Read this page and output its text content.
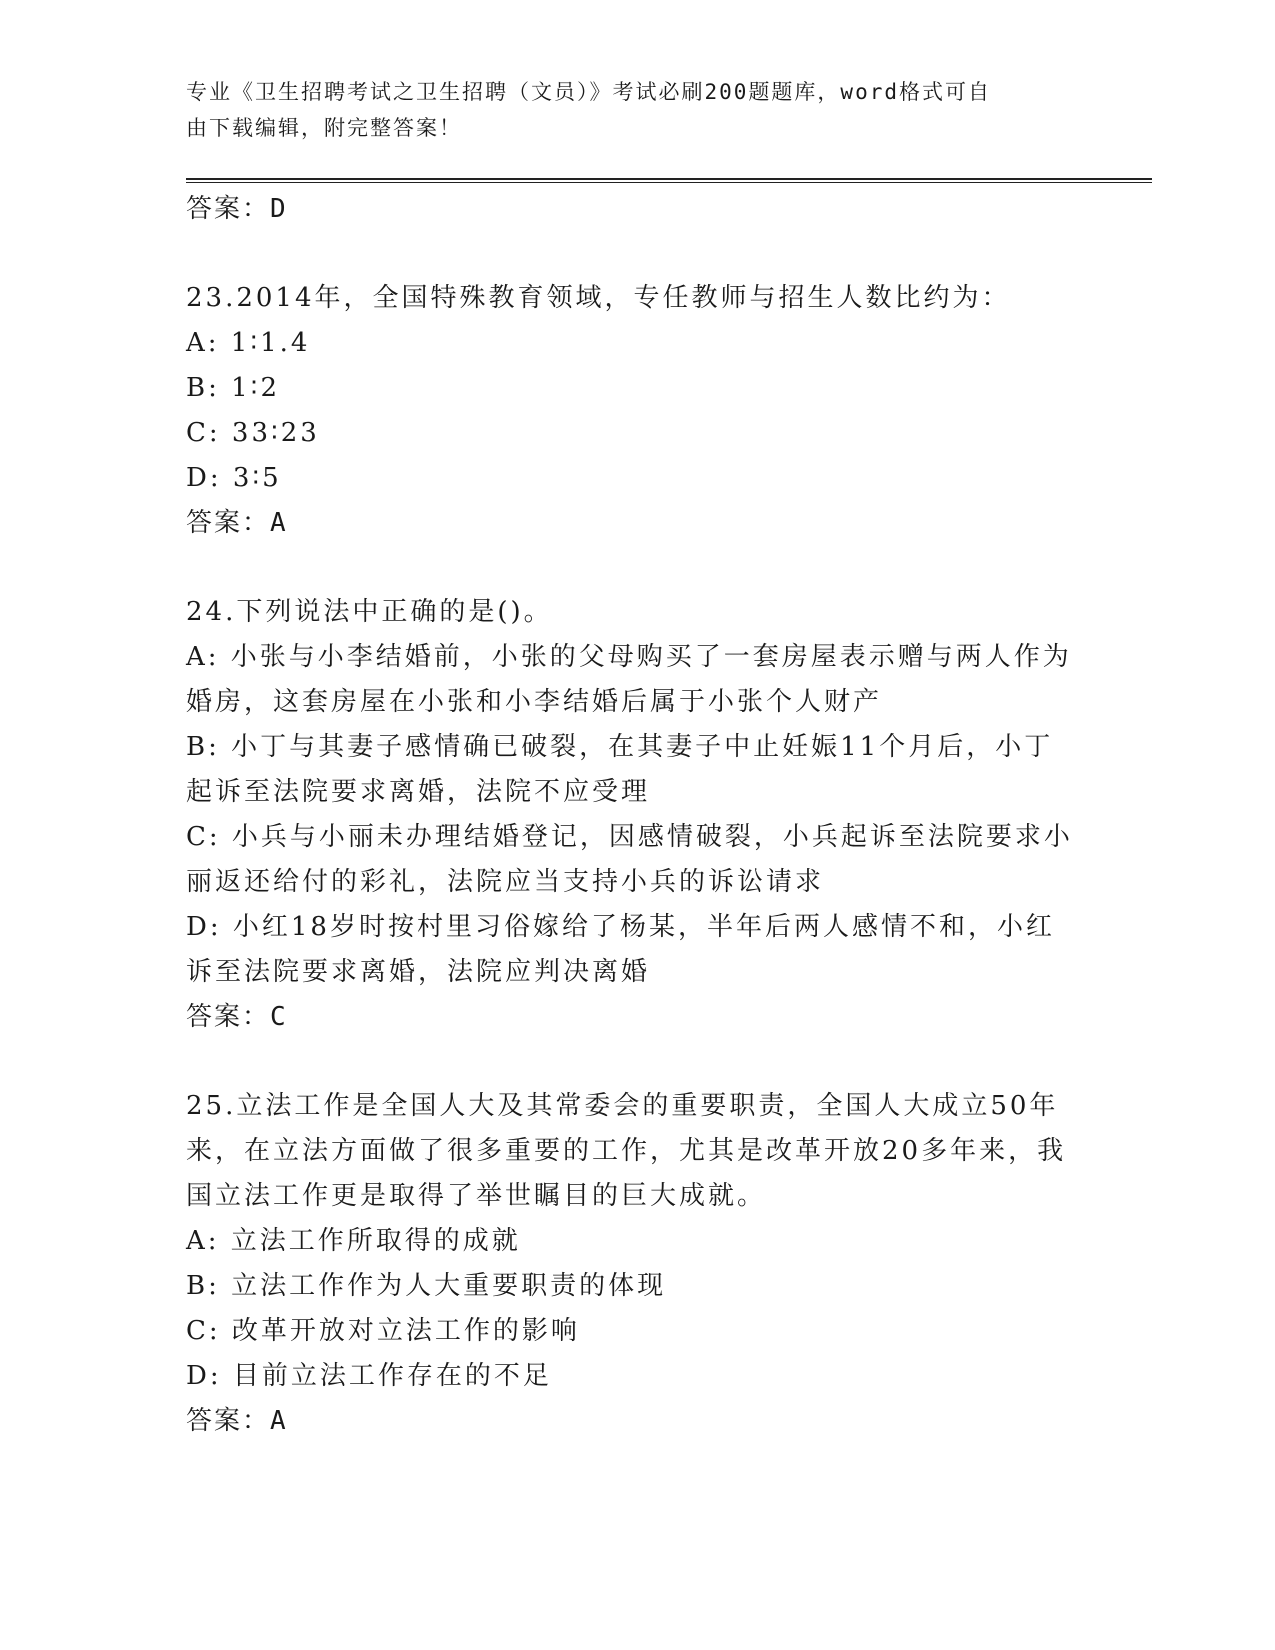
专业《卫生招聘考试之卫生招聘（文员）》考试必刷200题题库，word格式可自
由下载编辑，附完整答案！

答案：D

23.2014年，全国特殊教育领域，专任教师与招生人数比约为：

A: 1∶1.4

B: 1∶2

C: 33∶23

D: 3∶5

答案：A

24.下列说法中正确的是()。

A: 小张与小李结婚前，小张的父母购买了一套房屋表示赠与两人作为

婚房，这套房屋在小张和小李结婚后属于小张个人财产

B: 小丁与其妻子感情确已破裂，在其妻子中止妊娠11个月后，小丁

起诉至法院要求离婚，法院不应受理

C: 小兵与小丽未办理结婚登记，因感情破裂，小兵起诉至法院要求小

丽返还给付的彩礼，法院应当支持小兵的诉讼请求

D: 小红18岁时按村里习俗嫁给了杨某，半年后两人感情不和，小红

诉至法院要求离婚，法院应判决离婚

答案：C

25.立法工作是全国人大及其常委会的重要职责，全国人大成立50年

来，在立法方面做了很多重要的工作，尤其是改革开放20多年来，我

国立法工作更是取得了举世瞩目的巨大成就。

A: 立法工作所取得的成就

B: 立法工作作为人大重要职责的体现

C: 改革开放对立法工作的影响

D: 目前立法工作存在的不足

答案：A
